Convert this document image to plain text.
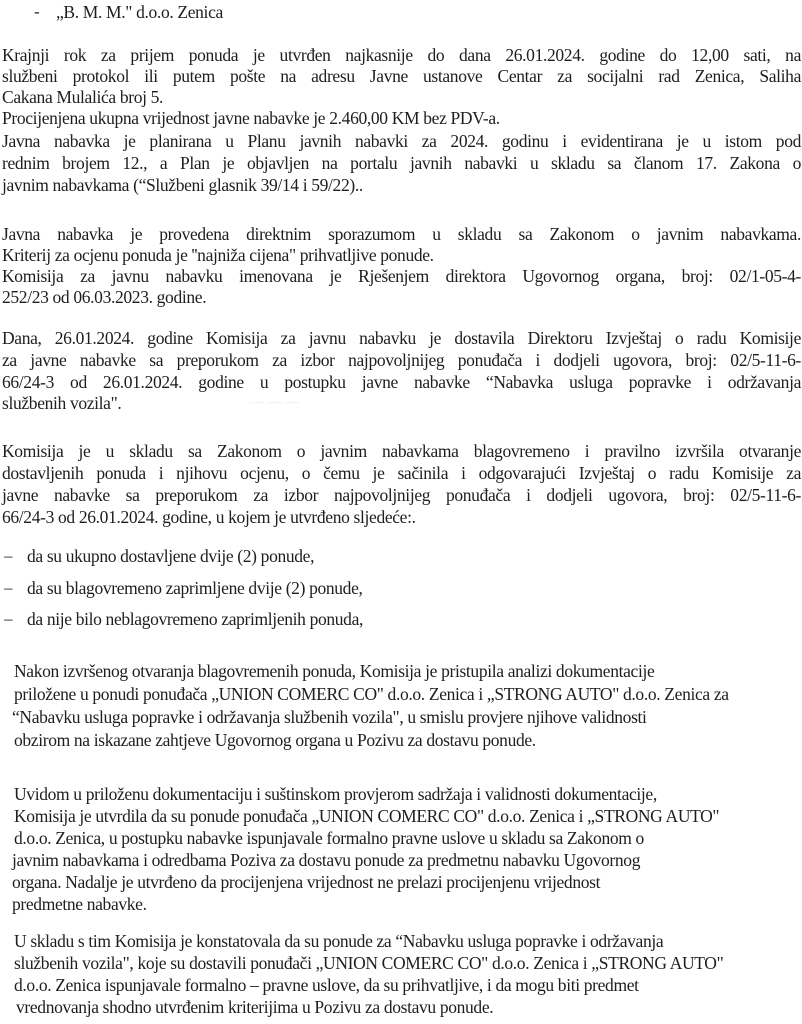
- „B. M. M." d.o.o. Zenica
Krajnji rok za prijem ponuda je utvrđen najkasnije do dana 26.01.2024. godine do 12,00 sati, na
službeni protokol ili putem pošte na adresu Javne ustanove Centar za socijalni rad Zenica, Saliha
Cakana Mulalića broj 5.
Procijenjena ukupna vrijednost javne nabavke je 2.460,00 KM bez PDV-a.
Javna nabavka je planirana u Planu javnih nabavki za 2024. godinu i evidentirana je u istom pod
rednim brojem 12., a Plan je objavljen na portalu javnih nabavki u skladu sa članom 17. Zakona o
javnim nabavkama (“Službeni glasnik 39/14 i 59/22)..
Javna nabavka je provedena direktnim sporazumom u skladu sa Zakonom o javnim nabavkama.
Kriterij za ocjenu ponuda je ''najniža cijena" prihvatljive ponude.
Komisija za javnu nabavku imenovana je Rješenjem direktora Ugovornog organa, broj: 02/1-05-4-
252/23 od 06.03.2023. godine.
Dana, 26.01.2024. godine Komisija za javnu nabavku je dostavila Direktoru Izvještaj o radu Komisije
za javne nabavke sa preporukom za izbor najpovoljnijeg ponuđača i dodjeli ugovora, broj: 02/5-11-6-
66/24-3 od 26.01.2024. godine u postupku javne nabavke “Nabavka usluga popravke i održavanja
službenih vozila".
Komisija je u skladu sa Zakonom o javnim nabavkama blagovremeno i pravilno izvršila otvaranje
dostavljenih ponuda i njihovu ocjenu, o čemu je sačinila i odgovarajući Izvještaj o radu Komisije za
javne nabavke sa preporukom za izbor najpovoljnijeg ponuđača i dodjeli ugovora, broj: 02/5-11-6-
66/24-3 od 26.01.2024. godine, u kojem je utvrđeno sljedeće:.
– da su ukupno dostavljene dvije (2) ponude,
– da su blagovremeno zaprimljene dvije (2) ponude,
– da nije bilo neblagovremeno zaprimljenih ponuda,
— — —
Nakon izvršenog otvaranja blagovremenih ponuda, Komisija je pristupila analizi dokumentacije
priložene u ponudi ponuđača „UNION COMERC CO" d.o.o. Zenica i „STRONG AUTO" d.o.o. Zenica za
“Nabavku usluga popravke i održavanja službenih vozila", u smislu provjere njihove validnosti
obzirom na iskazane zahtjeve Ugovornog organa u Pozivu za dostavu ponude.
Uvidom u priloženu dokumentaciju i suštinskom provjerom sadržaja i validnosti dokumentacije,
Komisija je utvrdila da su ponude ponuđača „UNION COMERC CO" d.o.o. Zenica i „STRONG AUTO"
d.o.o. Zenica, u postupku nabavke ispunjavale formalno pravne uslove u skladu sa Zakonom o
javnim nabavkama i odredbama Poziva za dostavu ponude za predmetnu nabavku Ugovornog
organa. Nadalje je utvrđeno da procijenjena vrijednost ne prelazi procijenjenu vrijednost
predmetne nabavke.
U skladu s tim Komisija je konstatovala da su ponude za “Nabavku usluga popravke i održavanja
službenih vozila", koje su dostavili ponuđači „UNION COMERC CO" d.o.o. Zenica i „STRONG AUTO"
d.o.o. Zenica ispunjavale formalno – pravne uslove, da su prihvatljive, i da mogu biti predmet
vrednovanja shodno utvrđenim kriterijima u Pozivu za dostavu ponude.
